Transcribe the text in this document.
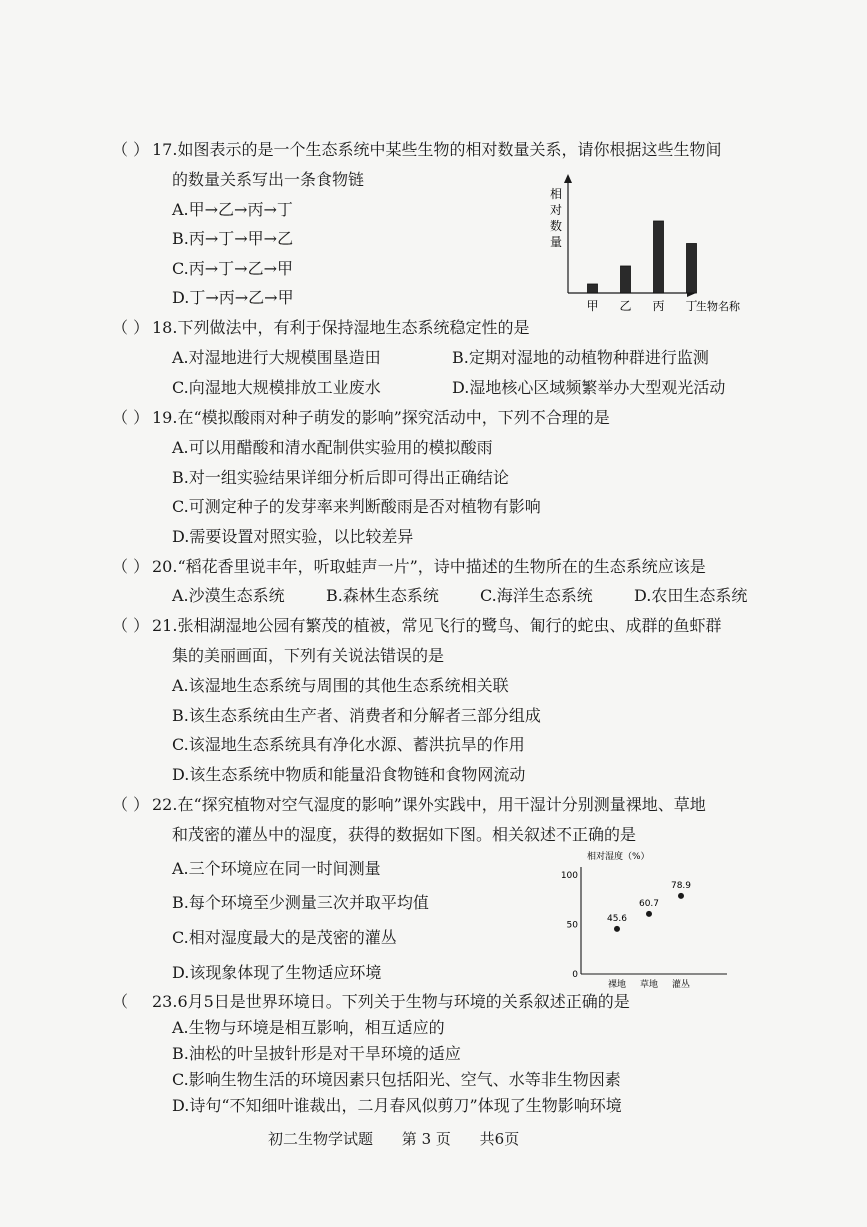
（ ） 17.如图表示的是一个生态系统中某些生物的相对数量关系，请你根据这些生物间
的数量关系写出一条食物链
A.甲→乙→丙→丁
B.丙→丁→甲→乙
C.丙→丁→乙→甲
D.丁→丙→乙→甲
相
对
数
量
甲 乙 丙 丁
生物名称
（ ） 18.下列做法中，有利于保持湿地生态系统稳定性的是
A.对湿地进行大规模围垦造田	B.定期对湿地的动植物种群进行监测
C.向湿地大规模排放工业废水	D.湿地核心区域频繁举办大型观光活动
（ ） 19.在“模拟酸雨对种子萌发的影响”探究活动中，下列不合理的是
A.可以用醋酸和清水配制供实验用的模拟酸雨
B.对一组实验结果详细分析后即可得出正确结论
C.可测定种子的发芽率来判断酸雨是否对植物有影响
D.需要设置对照实验，以比较差异
（ ） 20.“稻花香里说丰年，听取蛙声一片”，诗中描述的生物所在的生态系统应该是
A.沙漠生态系统	B.森林生态系统	C.海洋生态系统	D.农田生态系统
（ ） 21.张相湖湿地公园有繁茂的植被，常见飞行的鹭鸟、匍行的蛇虫、成群的鱼虾群
集的美丽画面，下列有关说法错误的是
A.该湿地生态系统与周围的其他生态系统相关联
B.该生态系统由生产者、消费者和分解者三部分组成
C.该湿地生态系统具有净化水源、蓄洪抗旱的作用
D.该生态系统中物质和能量沿食物链和食物网流动
（ ） 22.在“探究植物对空气湿度的影响”课外实践中，用干湿计分别测量裸地、草地
和茂密的灌丛中的湿度，获得的数据如下图。相关叙述不正确的是
A.三个环境应在同一时间测量
B.每个环境至少测量三次并取平均值
C.相对湿度最大的是茂密的灌丛
D.该现象体现了生物适应环境
相对湿度（%）
100
50
0
裸地 草地 灌丛
45.6
60.7
78.9
（ 23.6月5日是世界环境日。下列关于生物与环境的关系叙述正确的是
A.生物与环境是相互影响，相互适应的
B.油松的叶呈披针形是对干旱环境的适应
C.影响生物生活的环境因素只包括阳光、空气、水等非生物因素
D.诗句“不知细叶谁裁出，二月春风似剪刀”体现了生物影响环境
初二生物学试题 第 3 页 共6页
